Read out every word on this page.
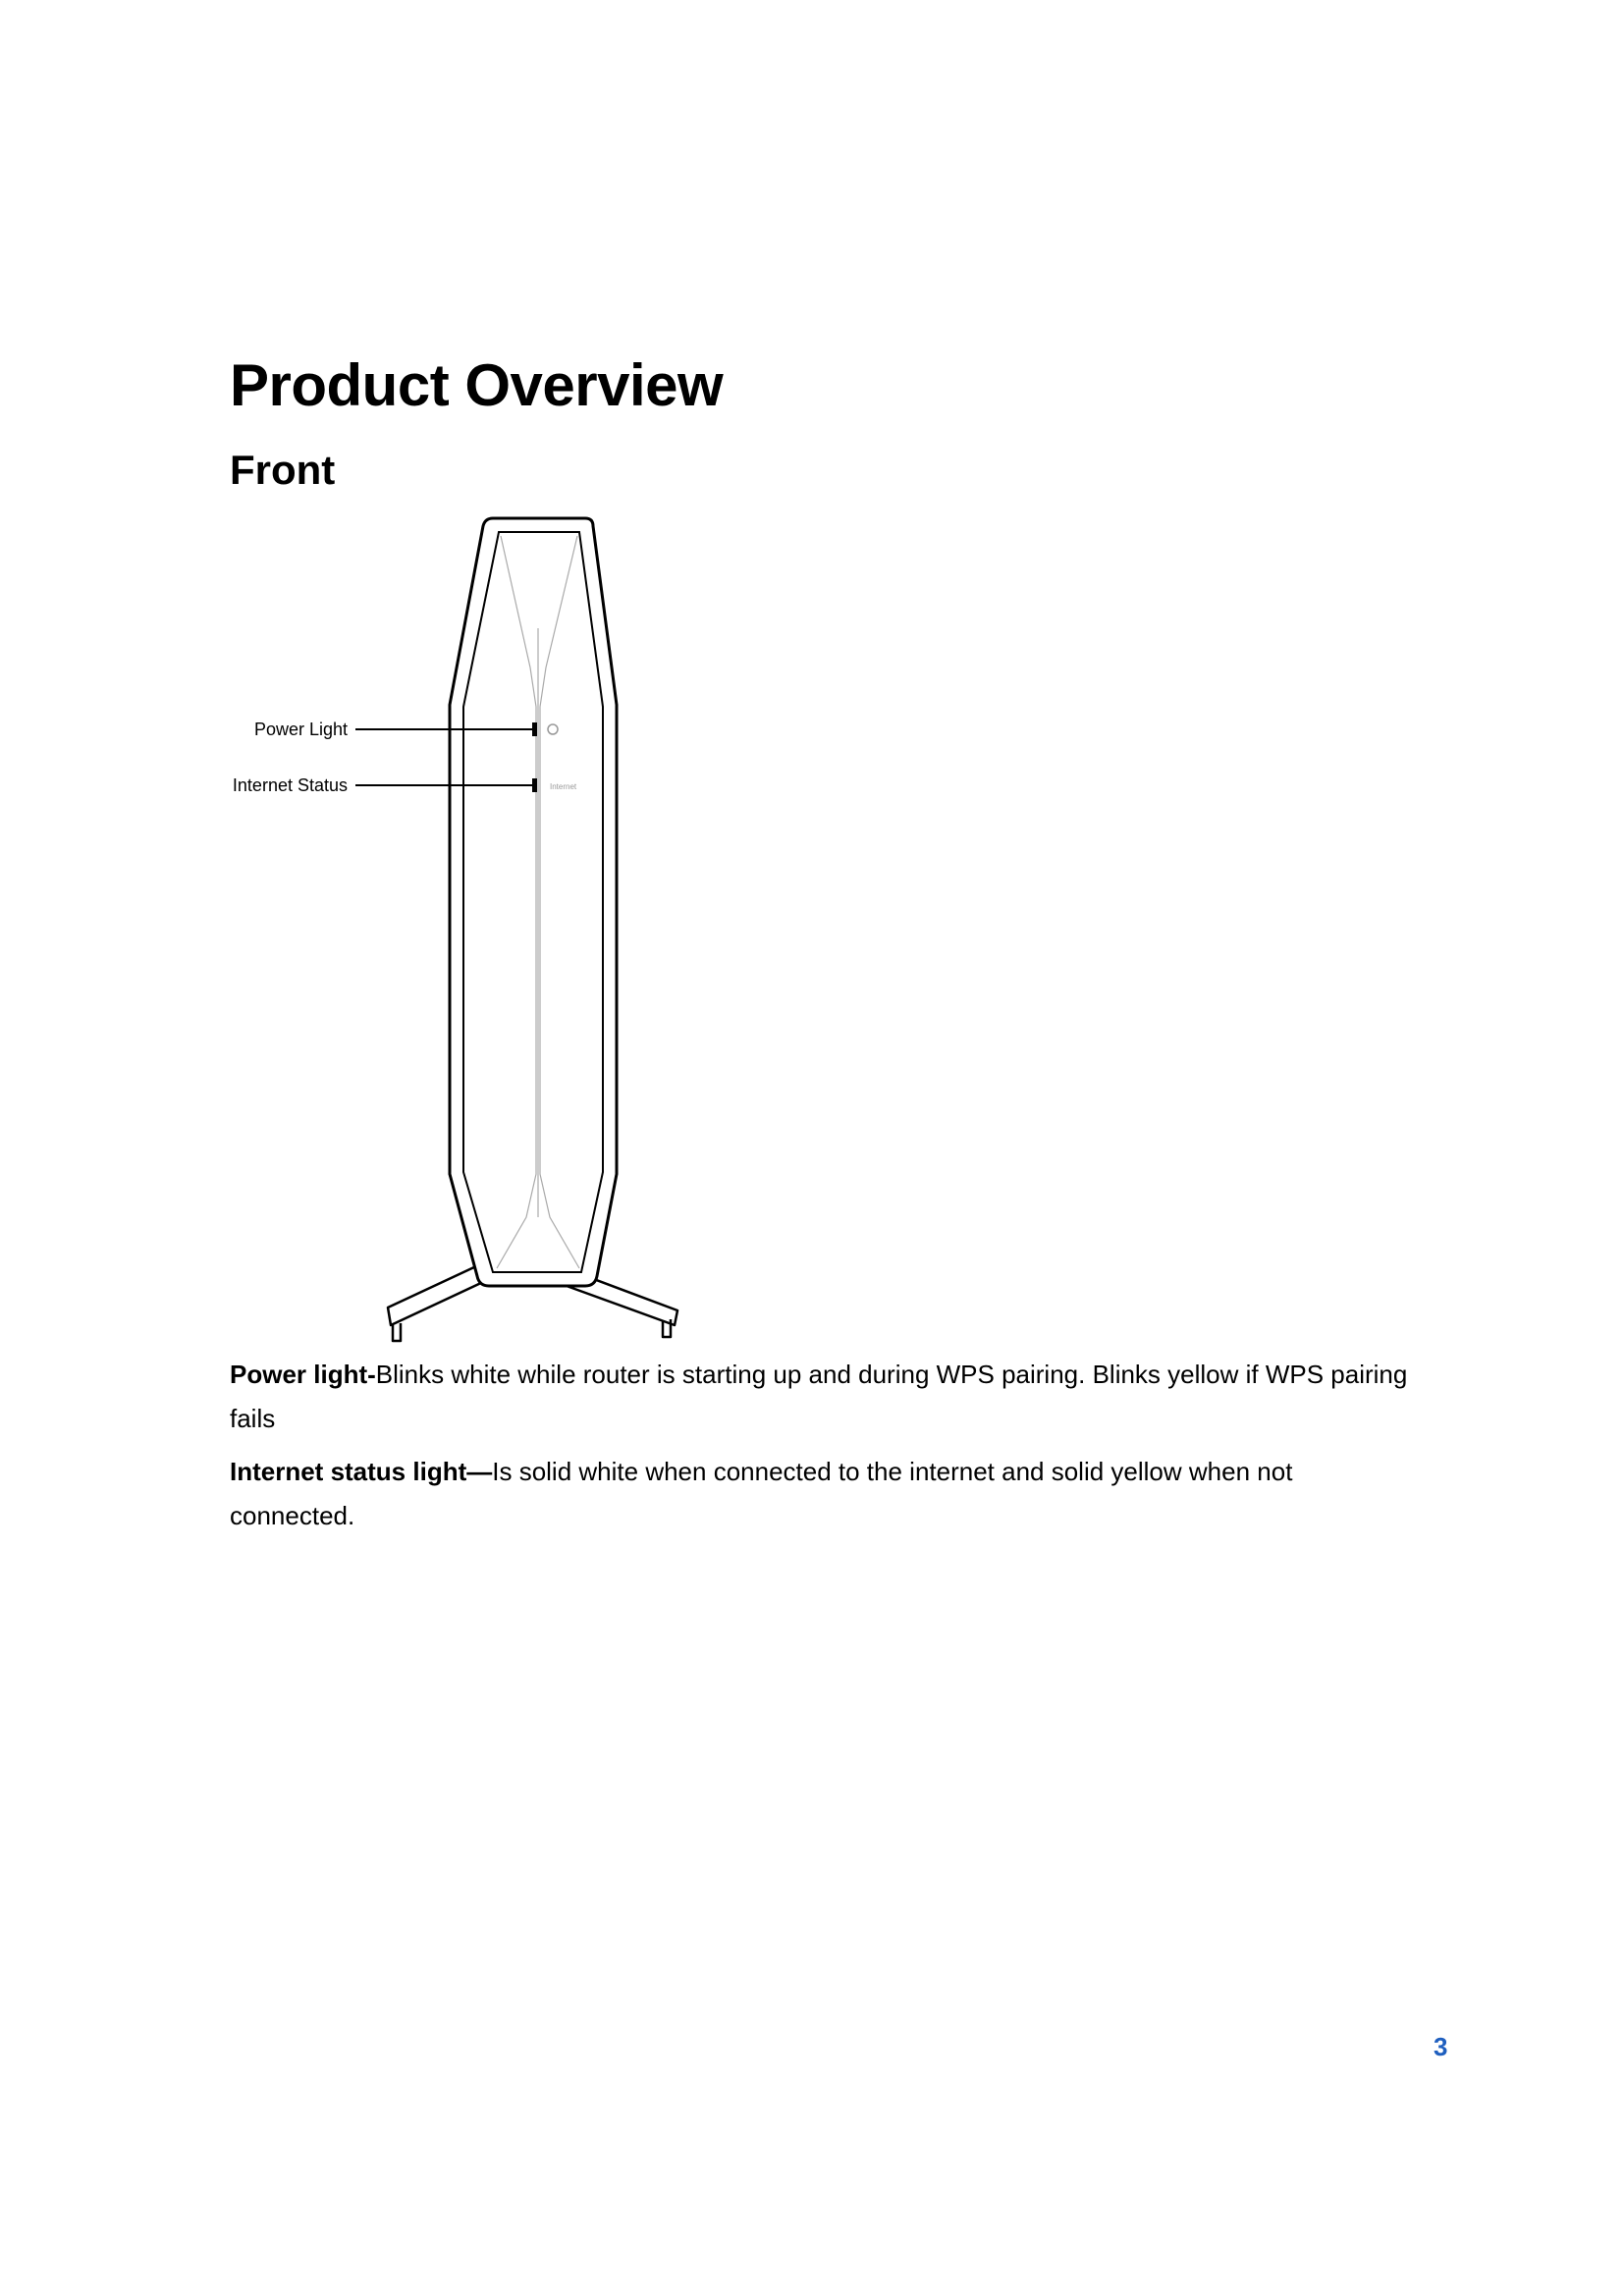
Product Overview
Front
Power Light
Internet
Internet Status

Power light-Blinks white while router is starting up and during WPS pairing. Blinks yellow if WPS pairing fails

Internet status light—Is solid white when connected to the internet and solid yellow when not connected.

3
